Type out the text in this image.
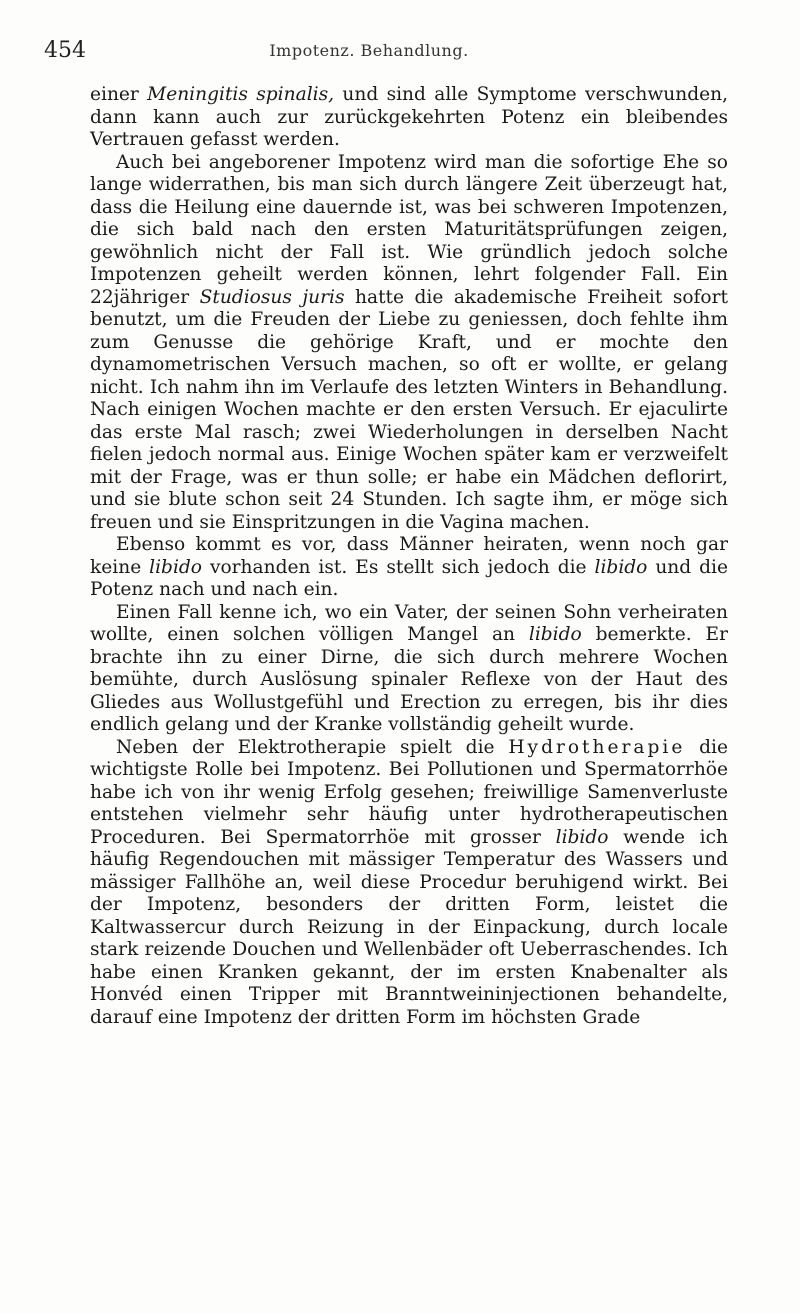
454	Impotenz. Behandlung.

einer Meningitis spinalis, und sind alle Symptome verschwunden, dann kann auch zur zurückgekehrten Potenz ein bleibendes Vertrauen gefasst werden.

Auch bei angeborener Impotenz wird man die sofortige Ehe so lange widerrathen, bis man sich durch längere Zeit überzeugt hat, dass die Heilung eine dauernde ist, was bei schweren Impotenzen, die sich bald nach den ersten Maturitätsprüfungen zeigen, gewöhnlich nicht der Fall ist. Wie gründlich jedoch solche Impotenzen geheilt werden können, lehrt folgender Fall. Ein 22jähriger Studiosus juris hatte die akademische Freiheit sofort benutzt, um die Freuden der Liebe zu geniessen, doch fehlte ihm zum Genusse die gehörige Kraft, und er mochte den dynamometrischen Versuch machen, so oft er wollte, er gelang nicht. Ich nahm ihn im Verlaufe des letzten Winters in Behandlung. Nach einigen Wochen machte er den ersten Versuch. Er ejaculirte das erste Mal rasch; zwei Wiederholungen in derselben Nacht fielen jedoch normal aus. Einige Wochen später kam er verzweifelt mit der Frage, was er thun solle; er habe ein Mädchen deflorirt, und sie blute schon seit 24 Stunden. Ich sagte ihm, er möge sich freuen und sie Einspritzungen in die Vagina machen.

Ebenso kommt es vor, dass Männer heiraten, wenn noch gar keine libido vorhanden ist. Es stellt sich jedoch die libido und die Potenz nach und nach ein.

Einen Fall kenne ich, wo ein Vater, der seinen Sohn verheiraten wollte, einen solchen völligen Mangel an libido bemerkte. Er brachte ihn zu einer Dirne, die sich durch mehrere Wochen bemühte, durch Auslösung spinaler Reflexe von der Haut des Gliedes aus Wollustgefühl und Erection zu erregen, bis ihr dies endlich gelang und der Kranke vollständig geheilt wurde.

Neben der Elektrotherapie spielt die Hydrotherapie die wichtigste Rolle bei Impotenz. Bei Pollutionen und Spermatorrhöe habe ich von ihr wenig Erfolg gesehen; freiwillige Samenverluste entstehen vielmehr sehr häufig unter hydrotherapeutischen Proceduren. Bei Spermatorrhöe mit grosser libido wende ich häufig Regendouchen mit mässiger Temperatur des Wassers und mässiger Fallhöhe an, weil diese Procedur beruhigend wirkt. Bei der Impotenz, besonders der dritten Form, leistet die Kaltwassercur durch Reizung in der Einpackung, durch locale stark reizende Douchen und Wellenbäder oft Ueberraschendes. Ich habe einen Kranken gekannt, der im ersten Knabenalter als Honvéd einen Tripper mit Branntweininjectionen behandelte, darauf eine Impotenz der dritten Form im höchsten Grade
